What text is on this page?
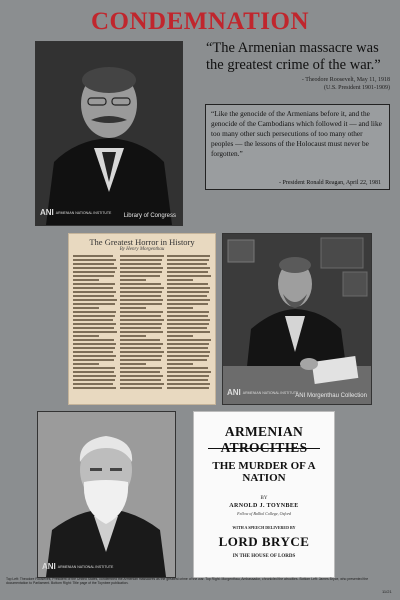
CONDEMNATION
ANI ARMENIAN NATIONAL INSTITUTE
Library of Congress
“The Armenian massacre was the greatest crime of the war.”
- Theodore Roosevelt, May 11, 1918
(U.S. President 1901-1909)
“Like the genocide of the Armenians before it, and the genocide of the Cambodians which followed it — and like too many other such persecutions of too many other peoples — the lessons of the Holocaust must never be forgotten.”
- President Ronald Reagan, April 22, 1981
The Greatest Horror in History
By Henry Morgenthau
ANI ARMENIAN NATIONAL INSTITUTE
ANI Morgenthau Collection
ANI ARMENIAN NATIONAL INSTITUTE
ARMENIAN ATROCITIES
THE MURDER OF A NATION
BY
ARNOLD J. TOYNBEE
Fellow of Balliol College, Oxford
WITH A SPEECH DELIVERED BY
LORD BRYCE
IN THE HOUSE OF LORDS
Top Left: Theodore Roosevelt, President of the United States, condemned the Armenian massacres as the greatest crime of the war. Top Right: Morgenthau, Ambassador, chronicled the atrocities. Bottom Left: James Bryce, who presented the documentation to Parliament. Bottom Right: Title page of the Toynbee publication.
11/21
